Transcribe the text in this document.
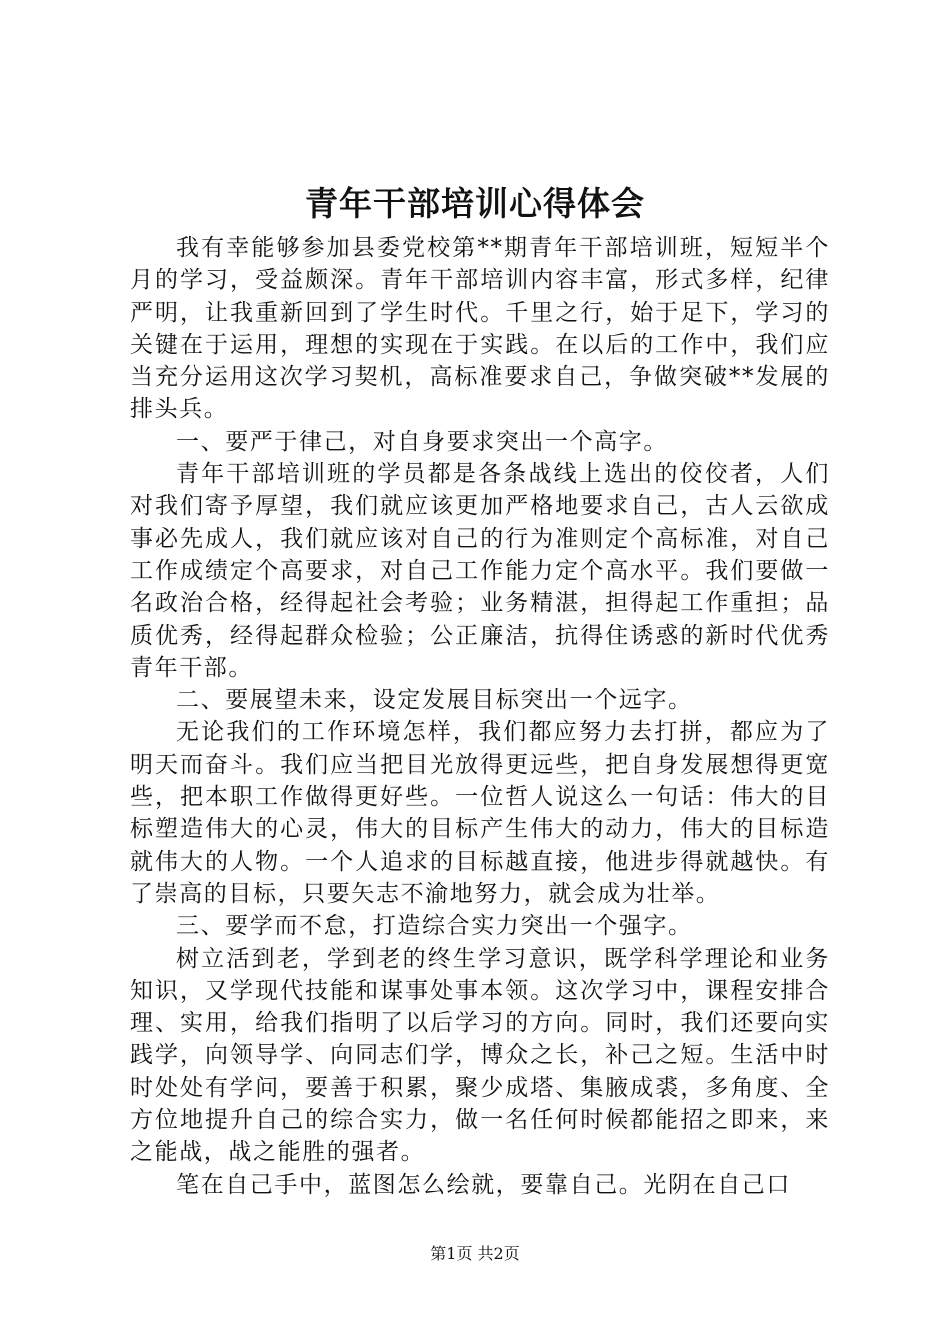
青年干部培训心得体会

我有幸能够参加县委党校第**期青年干部培训班，短短半个月的学习，受益颇深。青年干部培训内容丰富，形式多样，纪律严明，让我重新回到了学生时代。千里之行，始于足下，学习的关键在于运用，理想的实现在于实践。在以后的工作中，我们应当充分运用这次学习契机，高标准要求自己，争做突破**发展的排头兵。

一、要严于律己，对自身要求突出一个高字。

青年干部培训班的学员都是各条战线上选出的佼佼者，人们对我们寄予厚望，我们就应该更加严格地要求自己，古人云欲成事必先成人，我们就应该对自己的行为准则定个高标准，对自己工作成绩定个高要求，对自己工作能力定个高水平。我们要做一名政治合格，经得起社会考验；业务精湛，担得起工作重担；品质优秀，经得起群众检验；公正廉洁，抗得住诱惑的新时代优秀青年干部。

二、要展望未来，设定发展目标突出一个远字。

无论我们的工作环境怎样，我们都应努力去打拼，都应为了明天而奋斗。我们应当把目光放得更远些，把自身发展想得更宽些，把本职工作做得更好些。一位哲人说这么一句话：伟大的目标塑造伟大的心灵，伟大的目标产生伟大的动力，伟大的目标造就伟大的人物。一个人追求的目标越直接，他进步得就越快。有了崇高的目标，只要矢志不渝地努力，就会成为壮举。

三、要学而不怠，打造综合实力突出一个强字。

树立活到老，学到老的终生学习意识，既学科学理论和业务知识，又学现代技能和谋事处事本领。这次学习中，课程安排合理、实用，给我们指明了以后学习的方向。同时，我们还要向实践学，向领导学、向同志们学，博众之长，补己之短。生活中时时处处有学问，要善于积累，聚少成塔、集腋成裘，多角度、全方位地提升自己的综合实力，做一名任何时候都能招之即来，来之能战，战之能胜的强者。

笔在自己手中，蓝图怎么绘就，要靠自己。光阴在自己口

第1页 共2页
